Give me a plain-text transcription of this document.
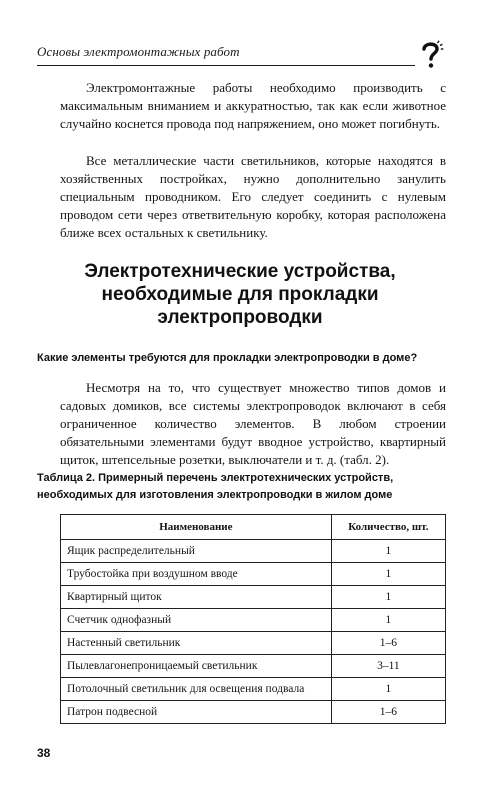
Основы электромонтажных работ

Электромонтажные работы необходимо производить с максимальным вниманием и аккуратностью, так как если животное случайно коснется провода под напряжением, оно может погибнуть.

Все металлические части светильников, которые находятся в хозяйственных постройках, нужно дополнительно занулить специальным проводником. Его следует соединить с нулевым проводом сети через ответвительную коробку, которая расположена ближе всех остальных к светильнику.

Электротехнические устройства, необходимые для прокладки электропроводки
Какие элементы требуются для прокладки электропроводки в доме?

Несмотря на то, что существует множество типов домов и садовых домиков, все системы электропроводок включают в себя ограниченное количество элементов. В любом строении обязательными элементами будут вводное устройство, квартирный щиток, штепсельные розетки, выключатели и т. д. (табл. 2).

Таблица 2. Примерный перечень электротехнических устройств,
необходимых для изготовления электропроводки в жилом доме
Наименование	Количество, шт.
Ящик распределительный	1
Трубостойка при воздушном вводе	1
Квартирный щиток	1
Счетчик однофазный	1
Настенный светильник	1–6
Пылевлагонепроницаемый светильник	3–11
Потолочный светильник для освещения подвала	1
Патрон подвесной	1–6
38
